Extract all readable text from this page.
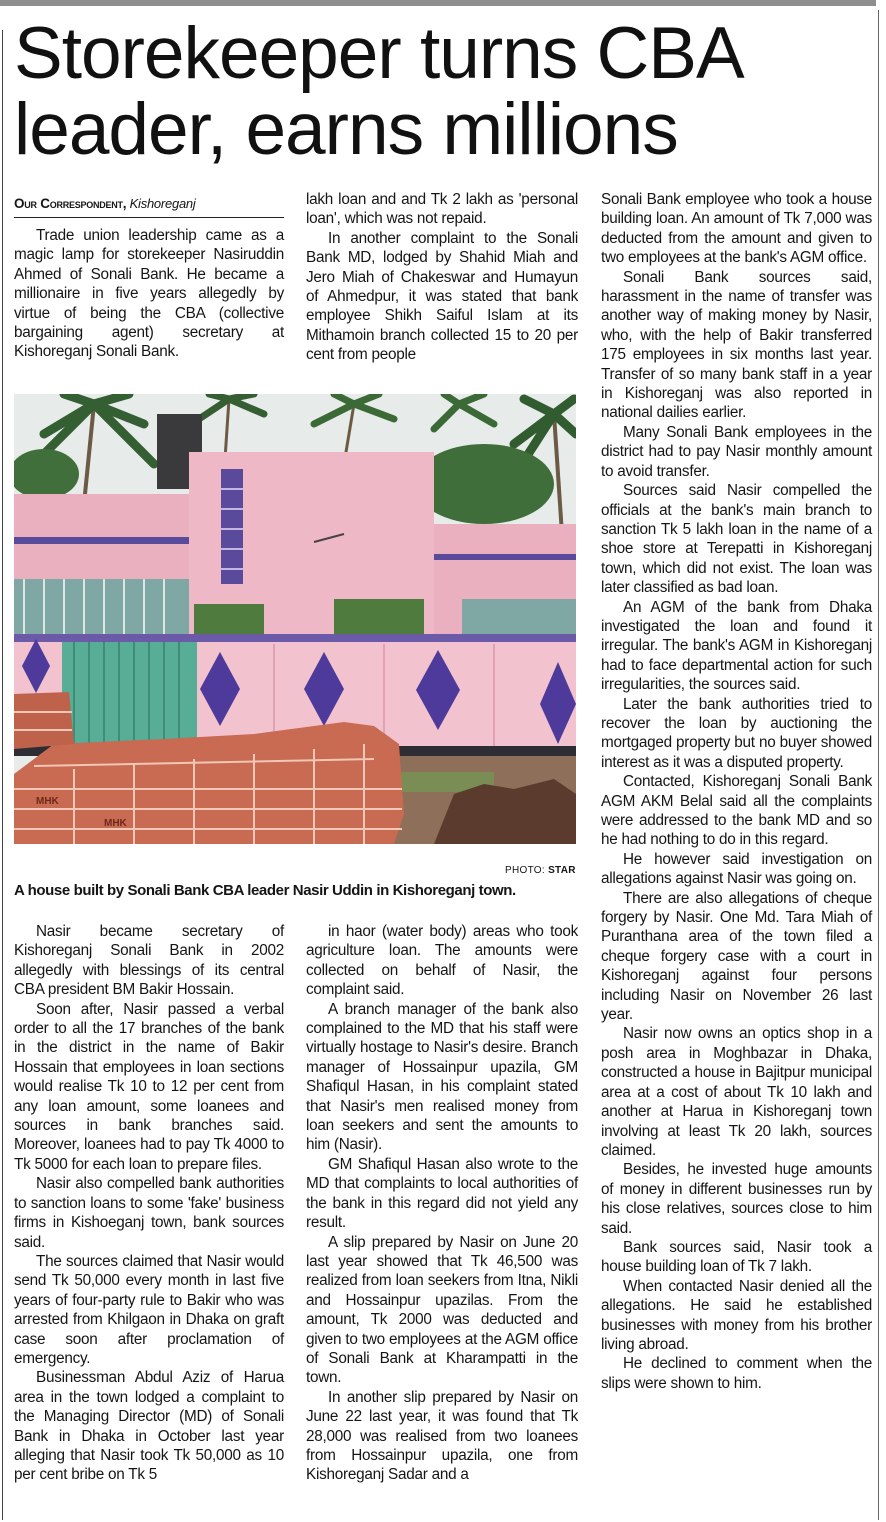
Storekeeper turns CBA leader, earns millions
Our Correspondent, Kishoreganj

Trade union leadership came as a magic lamp for storekeeper Nasiruddin Ahmed of Sonali Bank. He became a millionaire in five years allegedly by virtue of being the CBA (collective bargaining agent) secretary at Kishoreganj Sonali Bank.

lakh loan and and Tk 2 lakh as 'personal loan', which was not repaid.

In another complaint to the Sonali Bank MD, lodged by Shahid Miah and Jero Miah of Chakeswar and Humayun of Ahmedpur, it was stated that bank employee Shikh Saiful Islam at its Mithamoin branch collected 15 to 20 per cent from people

MHK
MHK
PHOTO: STAR
A house built by Sonali Bank CBA leader Nasir Uddin in Kishoreganj town.

Nasir became secretary of Kishoreganj Sonali Bank in 2002 allegedly with blessings of its central CBA president BM Bakir Hossain.

Soon after, Nasir passed a verbal order to all the 17 branches of the bank in the district in the name of Bakir Hossain that employees in loan sections would realise Tk 10 to 12 per cent from any loan amount, some loanees and sources in bank branches said. Moreover, loanees had to pay Tk 4000 to Tk 5000 for each loan to prepare files.

Nasir also compelled bank authorities to sanction loans to some 'fake' business firms in Kishoeganj town, bank sources said.

The sources claimed that Nasir would send Tk 50,000 every month in last five years of four-party rule to Bakir who was arrested from Khilgaon in Dhaka on graft case soon after proclamation of emergency.

Businessman Abdul Aziz of Harua area in the town lodged a complaint to the Managing Director (MD) of Sonali Bank in Dhaka in October last year alleging that Nasir took Tk 50,000 as 10 per cent bribe on Tk 5

in haor (water body) areas who took agriculture loan. The amounts were collected on behalf of Nasir, the complaint said.

A branch manager of the bank also complained to the MD that his staff were virtually hostage to Nasir's desire. Branch manager of Hossainpur upazila, GM Shafiqul Hasan, in his complaint stated that Nasir's men realised money from loan seekers and sent the amounts to him (Nasir).

GM Shafiqul Hasan also wrote to the MD that complaints to local authorities of the bank in this regard did not yield any result.

A slip prepared by Nasir on June 20 last year showed that Tk 46,500 was realized from loan seekers from Itna, Nikli and Hossainpur upazilas. From the amount, Tk 2000 was deducted and given to two employees at the AGM office of Sonali Bank at Kharampatti in the town.

In another slip prepared by Nasir on June 22 last year, it was found that Tk 28,000 was realised from two loanees from Hossainpur upazila, one from Kishoreganj Sadar and a

Sonali Bank employee who took a house building loan. An amount of Tk 7,000 was deducted from the amount and given to two employees at the bank's AGM office.

Sonali Bank sources said, harassment in the name of transfer was another way of making money by Nasir, who, with the help of Bakir transferred 175 employees in six months last year. Transfer of so many bank staff in a year in Kishoreganj was also reported in national dailies earlier.

Many Sonali Bank employees in the district had to pay Nasir monthly amount to avoid transfer.

Sources said Nasir compelled the officials at the bank's main branch to sanction Tk 5 lakh loan in the name of a shoe store at Terepatti in Kishoreganj town, which did not exist. The loan was later classified as bad loan.

An AGM of the bank from Dhaka investigated the loan and found it irregular. The bank's AGM in Kishoreganj had to face departmental action for such irregularities, the sources said.

Later the bank authorities tried to recover the loan by auctioning the mortgaged property but no buyer showed interest as it was a disputed property.

Contacted, Kishoreganj Sonali Bank AGM AKM Belal said all the complaints were addressed to the bank MD and so he had nothing to do in this regard.

He however said investigation on allegations against Nasir was going on.

There are also allegations of cheque forgery by Nasir. One Md. Tara Miah of Puranthana area of the town filed a cheque forgery case with a court in Kishoreganj against four persons including Nasir on November 26 last year.

Nasir now owns an optics shop in a posh area in Moghbazar in Dhaka, constructed a house in Bajitpur municipal area at a cost of about Tk 10 lakh and another at Harua in Kishoreganj town involving at least Tk 20 lakh, sources claimed.

Besides, he invested huge amounts of money in different businesses run by his close relatives, sources close to him said.

Bank sources said, Nasir took a house building loan of Tk 7 lakh.

When contacted Nasir denied all the allegations. He said he established businesses with money from his brother living abroad.

He declined to comment when the slips were shown to him.
